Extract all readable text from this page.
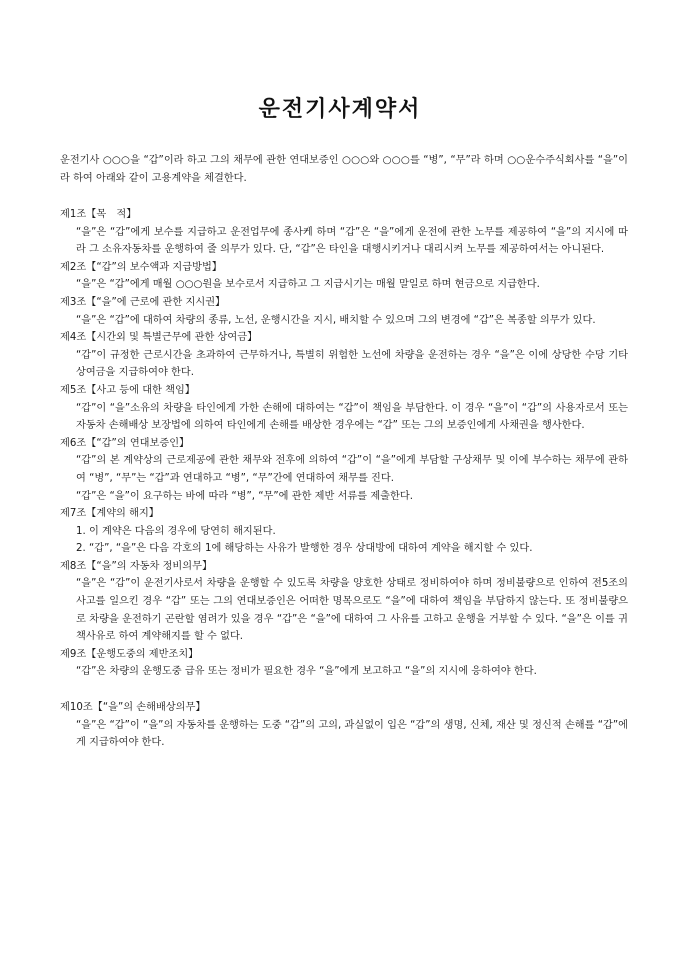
운전기사계약서
운전기사 ○○○을 “갑”이라 하고 그의 채무에 관한 연대보증인 ○○○와 ○○○를 “병”, “무”라 하며 ○○운수주식회사를 “을”이라 하여 아래와 같이 고용계약을 체결한다.
제1조【목　적】
“을”은 “갑”에게 보수를 지급하고 운전업무에 종사케 하며 “갑”은 “을”에게 운전에 관한 노무를 제공하여 “을”의 지시에 따라 그 소유자동차를 운행하여 줄 의무가 있다. 단, “갑”은 타인을 대행시키거나 대리시켜 노무를 제공하여서는 아니된다.
제2조【“갑”의 보수액과 지급방법】
“을”은 “갑”에게 매월 ○○○원을 보수로서 지급하고 그 지급시기는 매월 말일로 하며 현금으로 지급한다.
제3조【“을”에 근로에 관한 지시권】
“을”은 “갑”에 대하여 차량의 종류, 노선, 운행시간을 지시, 배치할 수 있으며 그의 변경에 “갑”은 복종할 의무가 있다.
제4조【시간외 및 특별근무에 관한 상여금】
“갑”이 규정한 근로시간을 초과하여 근무하거나, 특별히 위험한 노선에 차량을 운전하는 경우 “을”은 이에 상당한 수당 기타 상여금을 지급하여야 한다.
제5조【사고 등에 대한 책임】
“갑”이 “을”소유의 차량을 타인에게 가한 손해에 대하여는 “갑”이 책임을 부담한다. 이 경우 “을”이 “갑”의 사용자로서 또는 자동차 손해배상 보장법에 의하여 타인에게 손해를 배상한 경우에는 “갑” 또는 그의 보증인에게 사채권을 행사한다.
제6조【“갑”의 연대보증인】
“갑”의 본 계약상의 근로제공에 관한 채무와 전후에 의하여 “갑”이 “을”에게 부담할 구상채무 및 이에 부수하는 채무에 관하여 “병”, “무”는 “갑”과 연대하고 “병”, “무”간에 연대하여 채무를 진다.
“갑”은 “을”이 요구하는 바에 따라 “병”, “무”에 관한 제반 서류를 제출한다.
제7조【계약의 해지】
1. 이 계약은 다음의 경우에 당연히 해지된다.
2. “갑”, “을”은 다음 각호의 1에 해당하는 사유가 발행한 경우 상대방에 대하여 계약을 해지할 수 있다.
제8조【“을”의 자동차 정비의무】
“을”은 “갑”이 운전기사로서 차량을 운행할 수 있도록 차량을 양호한 상태로 정비하여야 하며 정비불량으로 인하여 전5조의 사고를 일으킨 경우 “갑” 또는 그의 연대보증인은 어떠한 명목으로도 “을”에 대하여 책임을 부담하지 않는다. 또 정비불량으로 차량을 운전하기 곤란할 염려가 있을 경우 “갑”은 “을”에 대하여 그 사유를 고하고 운행을 거부할 수 있다. “을”은 이를 귀책사유로 하여 계약해지를 할 수 없다.
제9조【운행도중의 제반조치】
“갑”은 차량의 운행도중 급유 또는 정비가 필요한 경우 “을”에게 보고하고 “을”의 지시에 응하여야 한다.
제10조【“을”의 손해배상의무】
“을”은 “갑”이 “을”의 자동차를 운행하는 도중 “갑”의 고의, 과실없이 입은 “갑”의 생명, 신체, 재산 및 정신적 손해를 “갑”에게 지급하여야 한다.
